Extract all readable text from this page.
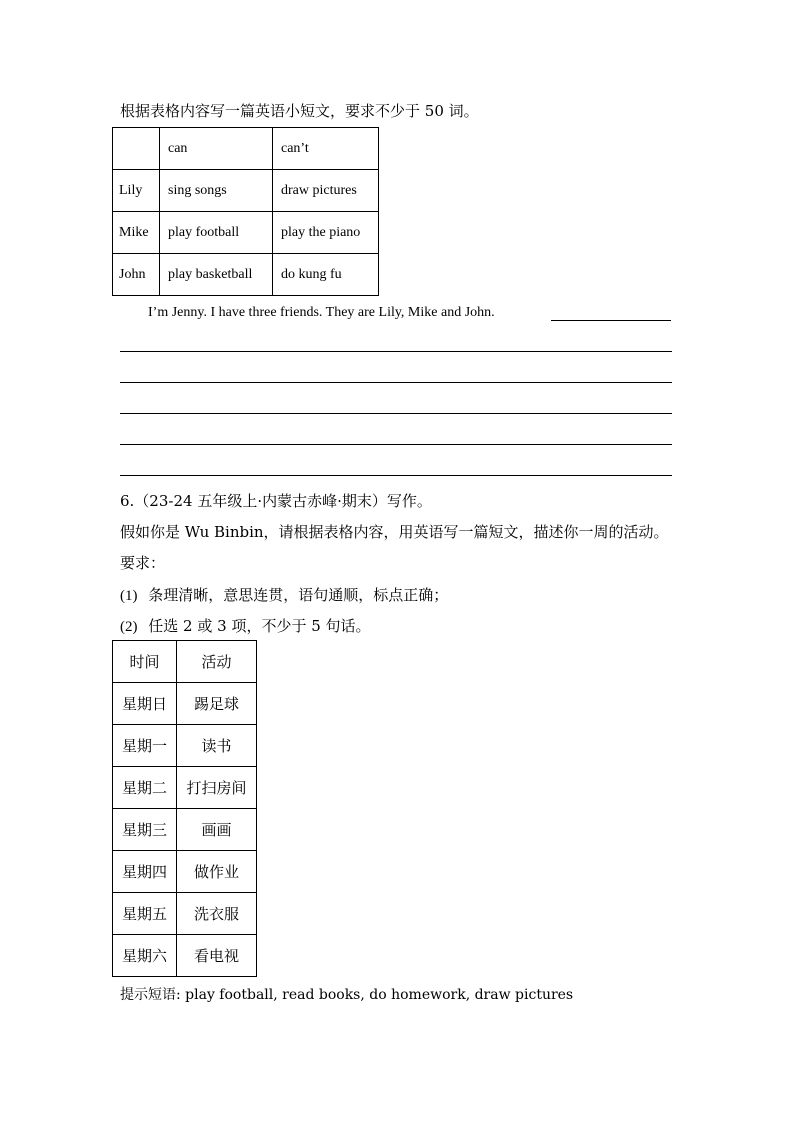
根据表格内容写一篇英语小短文，要求不少于 50 词。
	can	can’t
Lily	sing songs	draw pictures
Mike	play football	play the piano
John	play basketball	do kung fu
I’m Jenny. I have three friends. They are Lily, Mike and John.
6.（23-24 五年级上·内蒙古赤峰·期末）写作。
假如你是 Wu Binbin，请根据表格内容，用英语写一篇短文，描述你一周的活动。
要求：
(1) 条理清晰，意思连贯，语句通顺，标点正确；
(2) 任选 2 或 3 项，不少于 5 句话。
时间	活动
星期日	踢足球
星期一	读书
星期二	打扫房间
星期三	画画
星期四	做作业
星期五	洗衣服
星期六	看电视
提示短语: play football, read books, do homework, draw pictures
